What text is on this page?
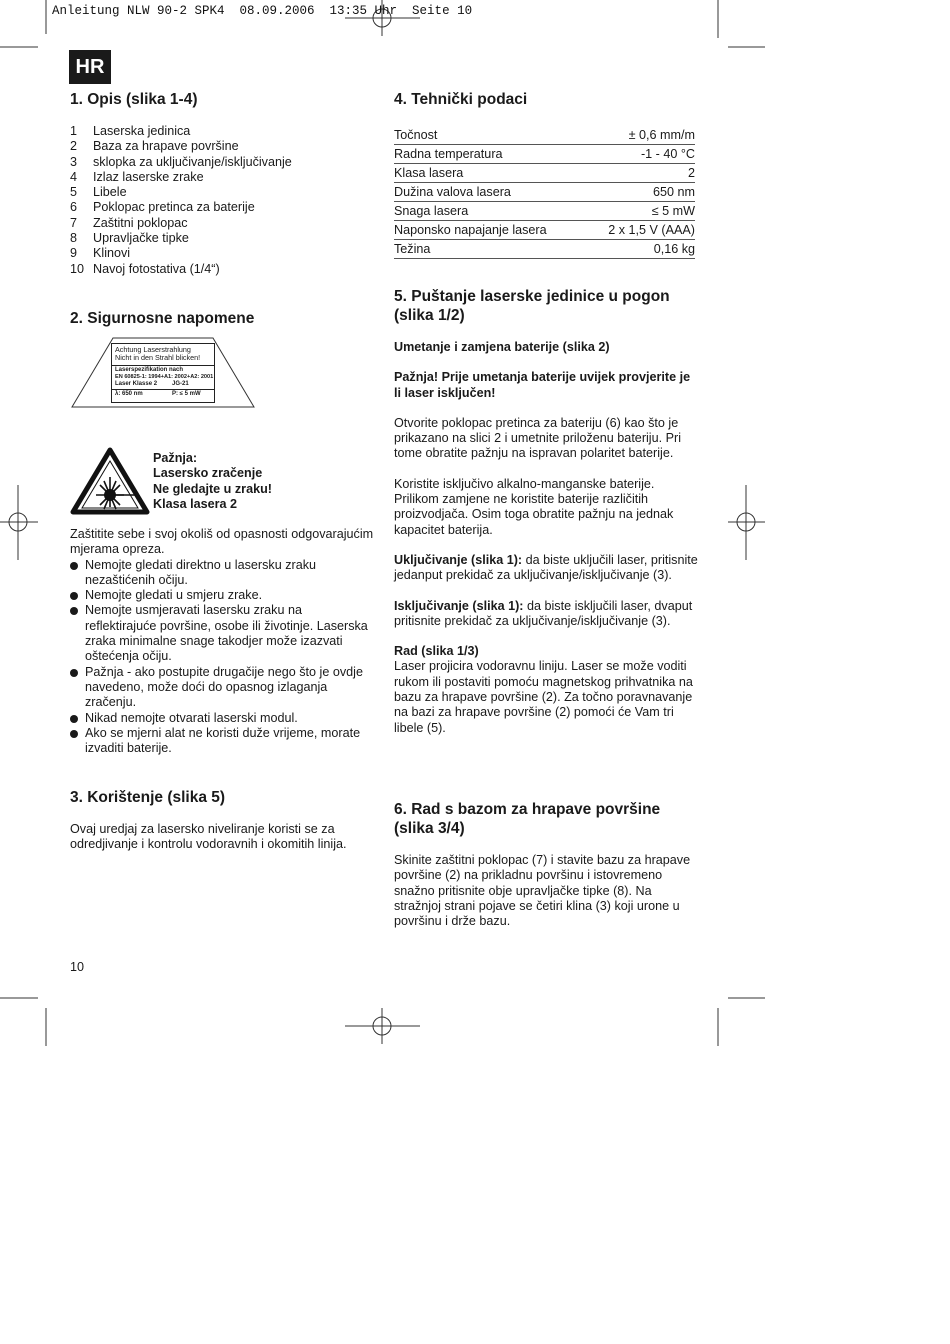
Anleitung NLW 90-2 SPK4  08.09.2006  13:35 Uhr  Seite 10
HR
1. Opis (slika 1-4)
1 Laserska jedinica
2 Baza za hrapave površine
3 sklopka za uključivanje/isključivanje
4 Izlaz laserske zrake
5 Libele
6 Poklopac pretinca za baterije
7 Zaštitni poklopac
8 Upravljačke tipke
9 Klinovi
10 Navoj fotostativa (1/4“)
2. Sigurnosne napomene
Achtung Laserstrahlung
Nicht in den Strahl blicken!
Laserspezifikation nach
EN 60825-1: 1994+A1: 2002+A2: 2001
Laser Klasse 2 JG-21
λ: 650 nm	P: ≤ 5 mW
Pažnja:
Lasersko zračenje
Ne gledajte u zraku!
Klasa lasera 2

Zaštitite sebe i svoj okoliš od opasnosti odgovarajućim mjerama opreza.

Nemojte gledati direktno u lasersku zraku nezaštićenih očiju.
Nemojte gledati u smjeru zrake.
Nemojte usmjeravati lasersku zraku na reflektirajuće površine, osobe ili životinje. Laserska zraka minimalne snage takodjer može izazvati oštećenja očiju.
Pažnja - ako postupite drugačije nego što je ovdje navedeno, može doći do opasnog izlaganja zračenju.
Nikad nemojte otvarati laserski modul.
Ako se mjerni alat ne koristi duže vrijeme, morate izvaditi baterije.
3. Korištenje (slika 5)

Ovaj uredjaj za lasersko niveliranje koristi se za odredjivanje i kontrolu vodoravnih i okomitih linija.

10
4. Tehnički podaci
Točnost	± 0,6 mm/m
Radna temperatura	-1 - 40 °C
Klasa lasera	2
Dužina valova lasera	650 nm
Snaga lasera	≤ 5 mW
Naponsko napajanje lasera	2 x 1,5 V (AAA)
Težina	0,16 kg
5. Puštanje laserske jedinice u pogon
(slika 1/2)

Umetanje i zamjena baterije (slika 2)

Pažnja! Prije umetanja baterije uvijek provjerite je li laser isključen!

Otvorite poklopac pretinca za bateriju (6) kao što je prikazano na slici 2 i umetnite priloženu bateriju. Pri tome obratite pažnju na ispravan polaritet baterije.

Koristite isključivo alkalno-manganske baterije. Prilikom zamjene ne koristite baterije različitih proizvodjača. Osim toga obratite pažnju na jednak kapacitet baterija.

Uključivanje (slika 1): da biste uključili laser, pritisnite jedanput prekidač za uključivanje/isključivanje (3).

Isključivanje (slika 1): da biste isključili laser, dvaput pritisnite prekidač za uključivanje/isključivanje (3).

Rad (slika 1/3)

Laser projicira vodoravnu liniju. Laser se može voditi rukom ili postaviti pomoću magnetskog prihvatnika na bazu za hrapave površine (2). Za točno poravnavanje na bazi za hrapave površine (2) pomoći će Vam tri libele (5).

6. Rad s bazom za hrapave površine
(slika 3/4)

Skinite zaštitni poklopac (7) i stavite bazu za hrapave površine (2) na prikladnu površinu i istovremeno snažno pritisnite obje upravljačke tipke (8). Na stražnjoj strani pojave se četiri klina (3) koji urone u površinu i drže bazu.
